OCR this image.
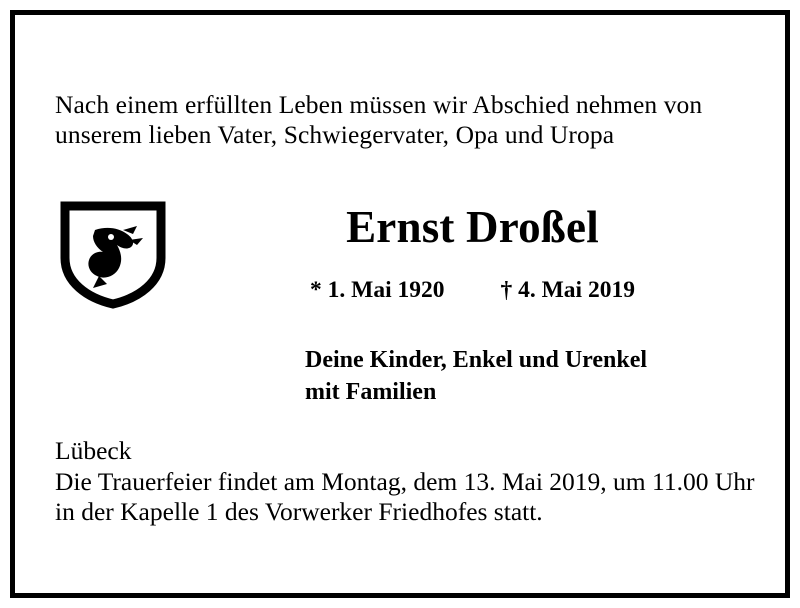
Nach einem erfüllten Leben müssen wir Abschied nehmen von unserem lieben Vater, Schwiegervater, Opa und Uropa

Ernst Droßel
* 1. Mai 1920 † 4. Mai 2019
Deine Kinder, Enkel und Urenkel
mit Familien
Lübeck
Die Trauerfeier findet am Montag, dem 13. Mai 2019, um 11.00 Uhr in der Kapelle 1 des Vorwerker Friedhofes statt.
